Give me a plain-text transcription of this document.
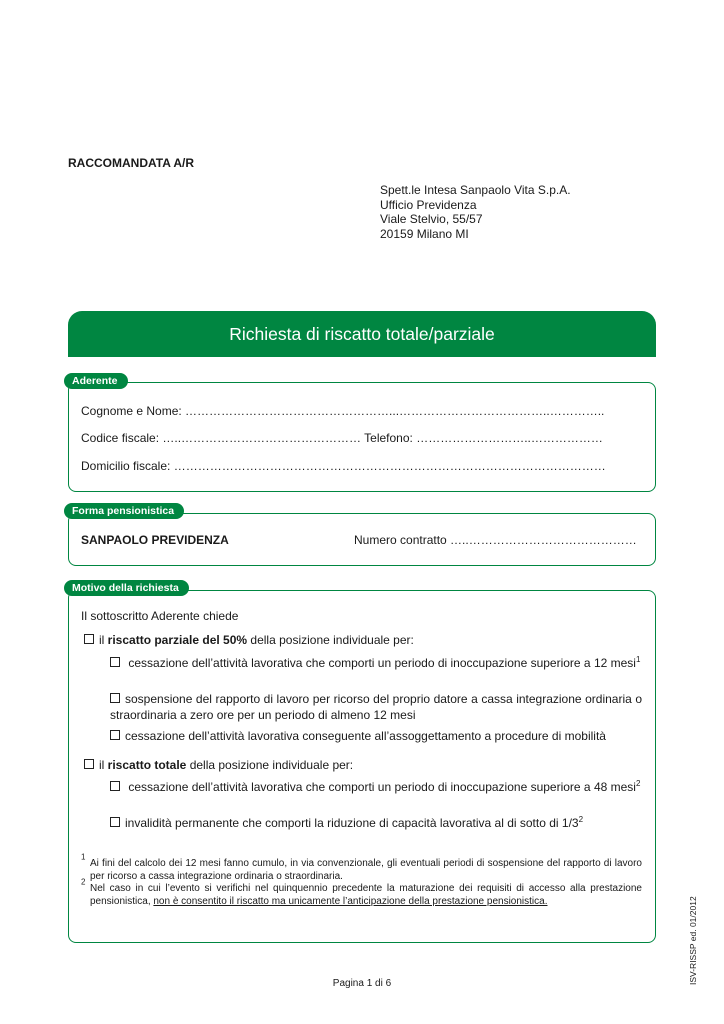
RACCOMANDATA A/R
Spett.le Intesa Sanpaolo Vita S.p.A.
Ufficio Previdenza
Viale Stelvio, 55/57
20159 Milano MI
Richiesta di riscatto totale/parziale
Aderente
Cognome e Nome: ……………………………………………...………………………………..…………..
Codice fiscale: …..……………………………………… Telefono: ………………………..………………
Domicilio fiscale: ………………………………………………………………………………………………
Forma pensionistica
SANPAOLO PREVIDENZA	Numero contratto …..……………………………………
Motivo della richiesta
Il sottoscritto Aderente chiede
il riscatto parziale del 50% della posizione individuale per:
cessazione dell’attività lavorativa che comporti un periodo di inoccupazione superiore a 12 mesi$^1$
sospensione del rapporto di lavoro per ricorso del proprio datore a cassa integrazione ordinaria o straordinaria a zero ore per un periodo di almeno 12 mesi
cessazione dell’attività lavorativa conseguente all’assoggettamento a procedure di mobilità
il riscatto totale della posizione individuale per:
cessazione dell’attività lavorativa che comporti un periodo di inoccupazione superiore a 48 mesi$^2$
invalidità permanente che comporti la riduzione di capacità lavorativa al di sotto di $1/3^2$
$^1$
Ai fini del calcolo dei 12 mesi fanno cumulo, in via convenzionale, gli eventuali periodi di sospensione del rapporto di lavoro per ricorso a cassa integrazione ordinaria o straordinaria.
$^2$
Nel caso in cui l’evento si verifichi nel quinquennio precedente la maturazione dei requisiti di accesso alla prestazione pensionistica, non è consentito il riscatto ma unicamente l’anticipazione della prestazione pensionistica.
Pagina 1 di 6	ISV-RISSP ed. 01/2012
